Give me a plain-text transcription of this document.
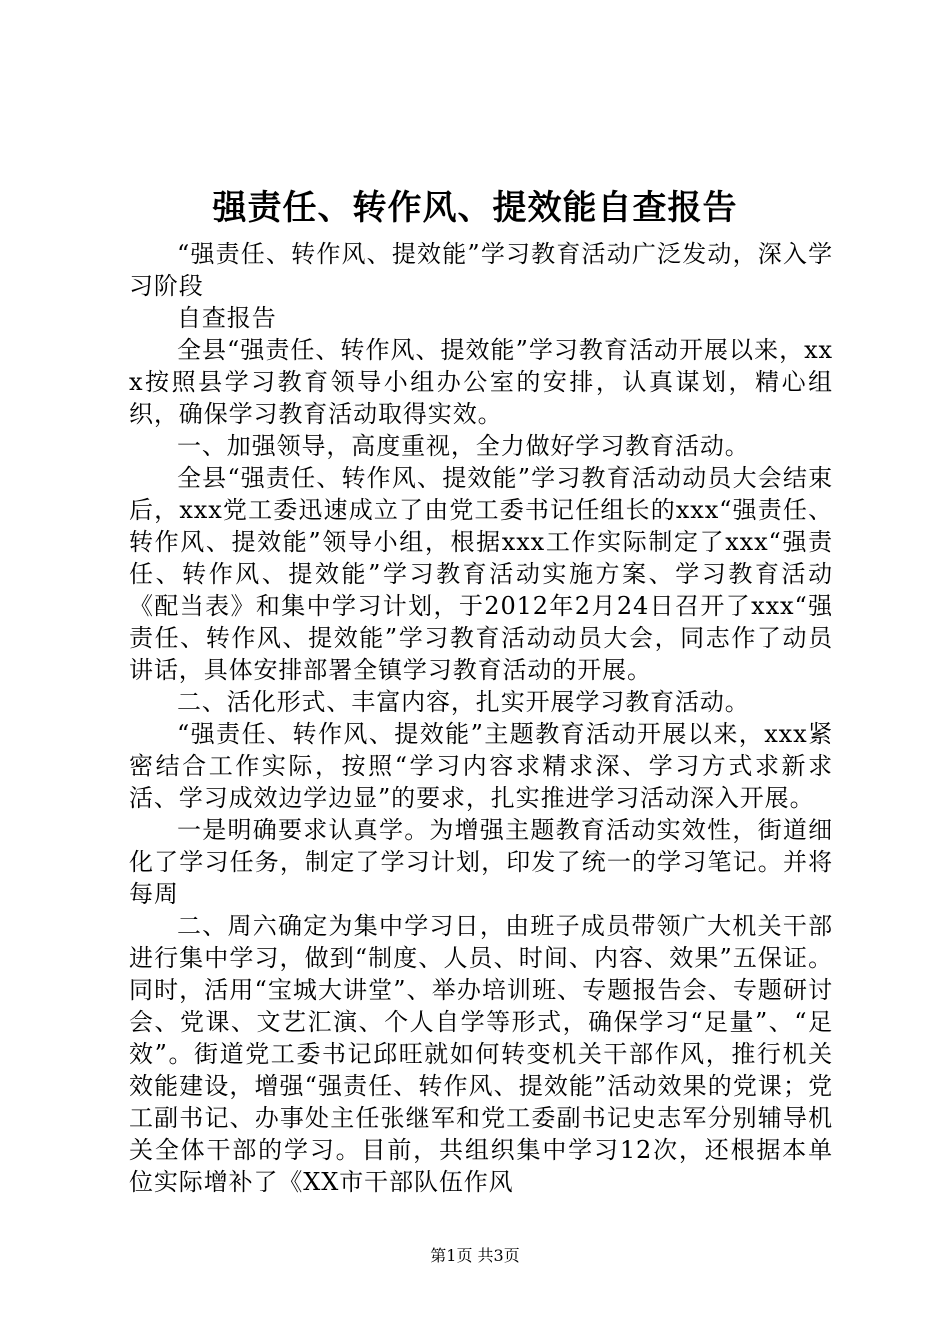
强责任、转作风、提效能自查报告

“强责任、转作风、提效能”学习教育活动广泛发动，深入学习阶段

自查报告

全县“强责任、转作风、提效能”学习教育活动开展以来，xxx按照县学习教育领导小组办公室的安排，认真谋划，精心组织，确保学习教育活动取得实效。

一、加强领导，高度重视，全力做好学习教育活动。

全县“强责任、转作风、提效能”学习教育活动动员大会结束后，xxx党工委迅速成立了由党工委书记任组长的xxx“强责任、转作风、提效能”领导小组，根据xxx工作实际制定了xxx“强责任、转作风、提效能”学习教育活动实施方案、学习教育活动《配当表》和集中学习计划，于2012年2月24日召开了xxx“强责任、转作风、提效能”学习教育活动动员大会，同志作了动员讲话，具体安排部署全镇学习教育活动的开展。

二、活化形式、丰富内容，扎实开展学习教育活动。

“强责任、转作风、提效能”主题教育活动开展以来，xxx紧密结合工作实际，按照“学习内容求精求深、学习方式求新求活、学习成效边学边显”的要求，扎实推进学习活动深入开展。

一是明确要求认真学。为增强主题教育活动实效性，街道细化了学习任务，制定了学习计划，印发了统一的学习笔记。并将每周

二、周六确定为集中学习日，由班子成员带领广大机关干部进行集中学习，做到“制度、人员、时间、内容、效果”五保证。同时，活用“宝城大讲堂”、举办培训班、专题报告会、专题研讨会、党课、文艺汇演、个人自学等形式，确保学习“足量”、“足效”。街道党工委书记邱旺就如何转变机关干部作风，推行机关效能建设，增强“强责任、转作风、提效能”活动效果的党课；党工副书记、办事处主任张继军和党工委副书记史志军分别辅导机关全体干部的学习。目前，共组织集中学习12次，还根据本单位实际增补了《XX市干部队伍作风

第1页 共3页
